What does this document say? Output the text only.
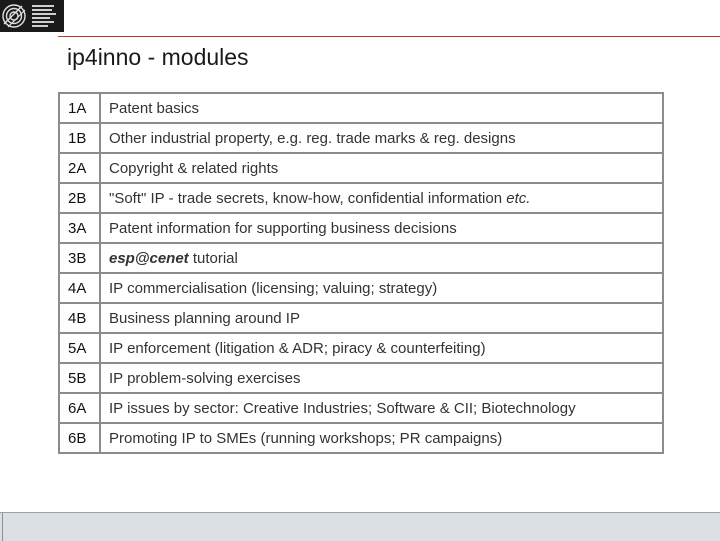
ip4inno - modules
1A	Patent basics
1B	Other industrial property, e.g. reg. trade marks & reg. designs
2A	Copyright & related rights
2B	"Soft" IP - trade secrets, know-how, confidential information etc.
3A	Patent information for supporting business decisions
3B	esp@cenet tutorial
4A	IP commercialisation (licensing; valuing; strategy)
4B	Business planning around IP
5A	IP enforcement (litigation & ADR; piracy & counterfeiting)
5B	IP problem-solving exercises
6A	IP issues by sector: Creative Industries; Software & CII; Biotechnology
6B	Promoting IP to SMEs (running workshops; PR campaigns)
